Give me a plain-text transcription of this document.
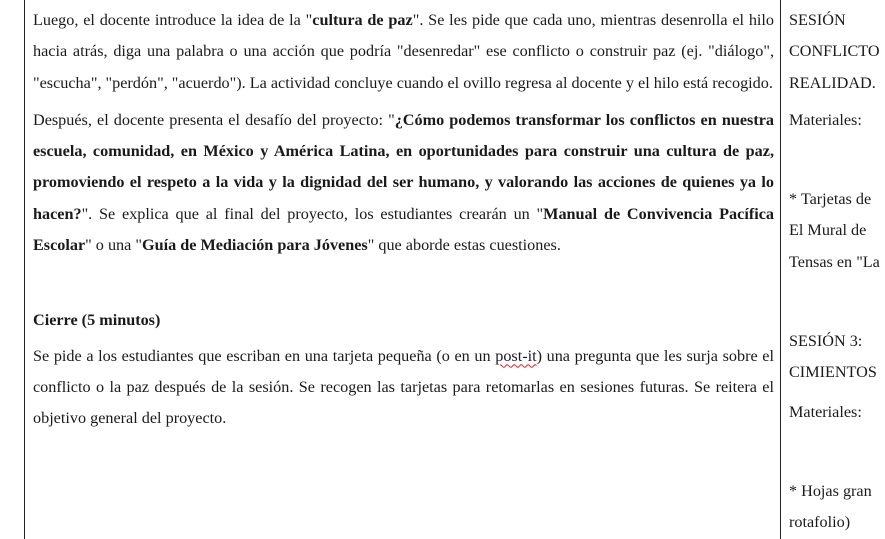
Luego, el docente introduce la idea de la "cultura de paz". Se les pide que cada uno, mientras desenrolla el hilo hacia atrás, diga una palabra o una acción que podría "desenredar" ese conflicto o construir paz (ej. "diálogo", "escucha", "perdón", "acuerdo"). La actividad concluye cuando el ovillo regresa al docente y el hilo está recogido.

Después, el docente presenta el desafío del proyecto: "¿Cómo podemos transformar los conflictos en nuestra escuela, comunidad, en México y América Latina, en oportunidades para construir una cultura de paz, promoviendo el respeto a la vida y la dignidad del ser humano, y valorando las acciones de quienes ya lo hacen?". Se explica que al final del proyecto, los estudiantes crearán un "Manual de Convivencia Pacífica Escolar" o una "Guía de Mediación para Jóvenes" que aborde estas cuestiones.

Cierre (5 minutos)

Se pide a los estudiantes que escriban en una tarjeta pequeña (o en un post-it) una pregunta que les surja sobre el conflicto o la paz después de la sesión. Se recogen las tarjetas para retomarlas en sesiones futuras. Se reitera el objetivo general del proyecto.

SESIÓN

CONFLICTO

REALIDAD.

Materiales:

* Tarjetas de

El Mural de

Tensas en "La

SESIÓN 3:

CIMIENTOS

Materiales:

* Hojas gran

rotafolio)
